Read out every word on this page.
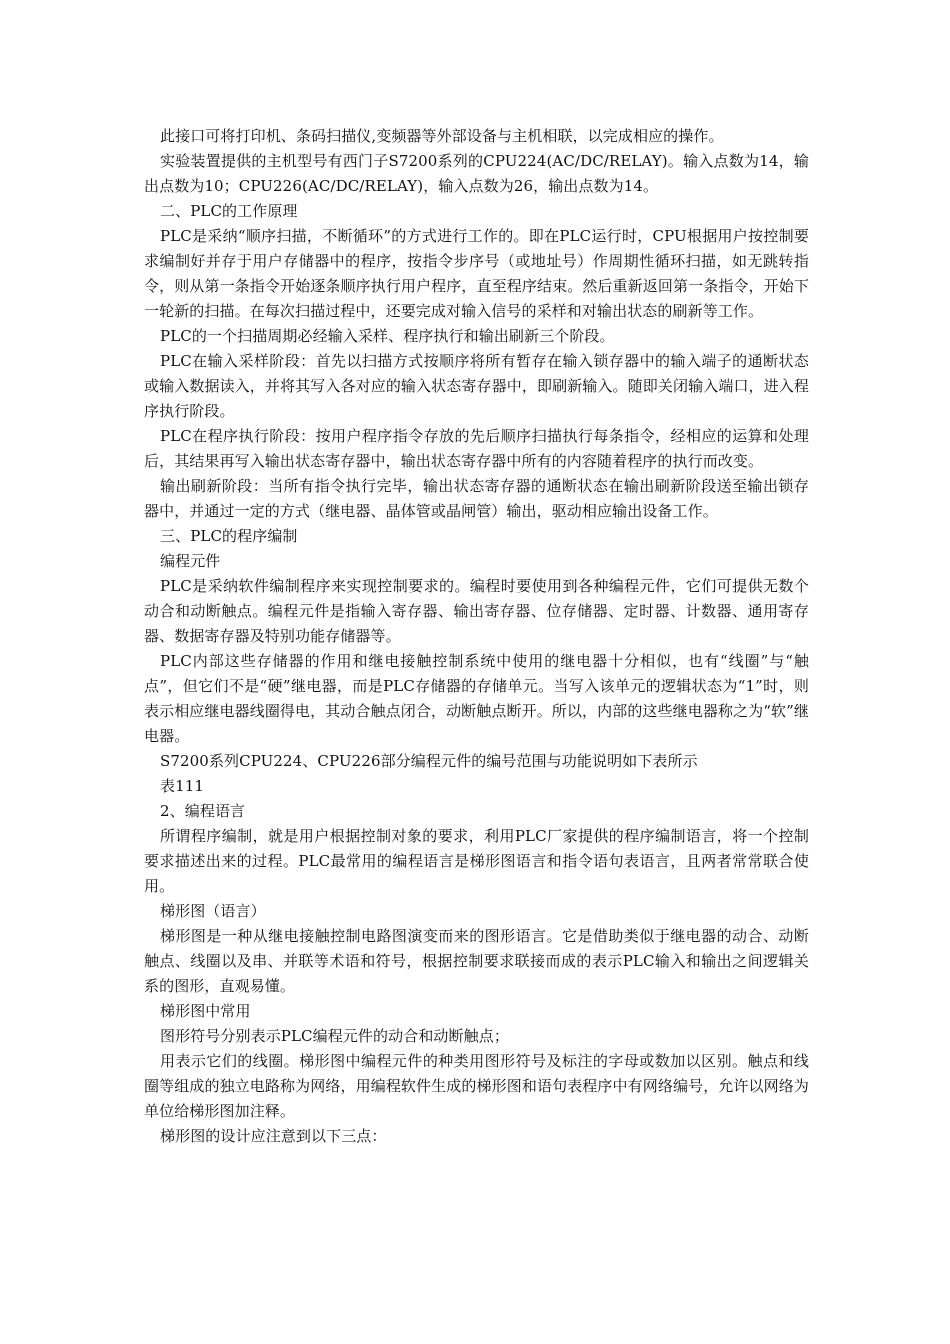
此接口可将打印机、条码扫描仪,变频器等外部设备与主机相联，以完成相应的操作。

实验装置提供的主机型号有西门子S7200系列的CPU224(AC/DC/RELAY)。输入点数为14，输出点数为10；CPU226(AC/DC/RELAY)，输入点数为26，输出点数为14。

二、PLC的工作原理

PLC是采纳“顺序扫描，不断循环”的方式进行工作的。即在PLC运行时，CPU根据用户按控制要求编制好并存于用户存储器中的程序，按指令步序号（或地址号）作周期性循环扫描，如无跳转指令，则从第一条指令开始逐条顺序执行用户程序，直至程序结束。然后重新返回第一条指令，开始下一轮新的扫描。在每次扫描过程中，还要完成对输入信号的采样和对输出状态的刷新等工作。

PLC的一个扫描周期必经输入采样、程序执行和输出刷新三个阶段。

PLC在输入采样阶段：首先以扫描方式按顺序将所有暂存在输入锁存器中的输入端子的通断状态或输入数据读入，并将其写入各对应的输入状态寄存器中，即刷新输入。随即关闭输入端口，进入程序执行阶段。

PLC在程序执行阶段：按用户程序指令存放的先后顺序扫描执行每条指令，经相应的运算和处理后，其结果再写入输出状态寄存器中，输出状态寄存器中所有的内容随着程序的执行而改变。

输出刷新阶段：当所有指令执行完毕，输出状态寄存器的通断状态在输出刷新阶段送至输出锁存器中，并通过一定的方式（继电器、晶体管或晶闸管）输出，驱动相应输出设备工作。

三、PLC的程序编制

编程元件

PLC是采纳软件编制程序来实现控制要求的。编程时要使用到各种编程元件，它们可提供无数个动合和动断触点。编程元件是指输入寄存器、输出寄存器、位存储器、定时器、计数器、通用寄存器、数据寄存器及特别功能存储器等。

PLC内部这些存储器的作用和继电接触控制系统中使用的继电器十分相似，也有“线圈”与“触点”，但它们不是“硬”继电器，而是PLC存储器的存储单元。当写入该单元的逻辑状态为“1”时，则表示相应继电器线圈得电，其动合触点闭合，动断触点断开。所以，内部的这些继电器称之为“软”继电器。

S7200系列CPU224、CPU226部分编程元件的编号范围与功能说明如下表所示

表111

2、编程语言

所谓程序编制，就是用户根据控制对象的要求，利用PLC厂家提供的程序编制语言，将一个控制要求描述出来的过程。PLC最常用的编程语言是梯形图语言和指令语句表语言，且两者常常联合使用。

梯形图（语言）

梯形图是一种从继电接触控制电路图演变而来的图形语言。它是借助类似于继电器的动合、动断触点、线圈以及串、并联等术语和符号，根据控制要求联接而成的表示PLC输入和输出之间逻辑关系的图形，直观易懂。

梯形图中常用

图形符号分别表示PLC编程元件的动合和动断触点；

用表示它们的线圈。梯形图中编程元件的种类用图形符号及标注的字母或数加以区别。触点和线圈等组成的独立电路称为网络，用编程软件生成的梯形图和语句表程序中有网络编号，允许以网络为单位给梯形图加注释。

梯形图的设计应注意到以下三点：
